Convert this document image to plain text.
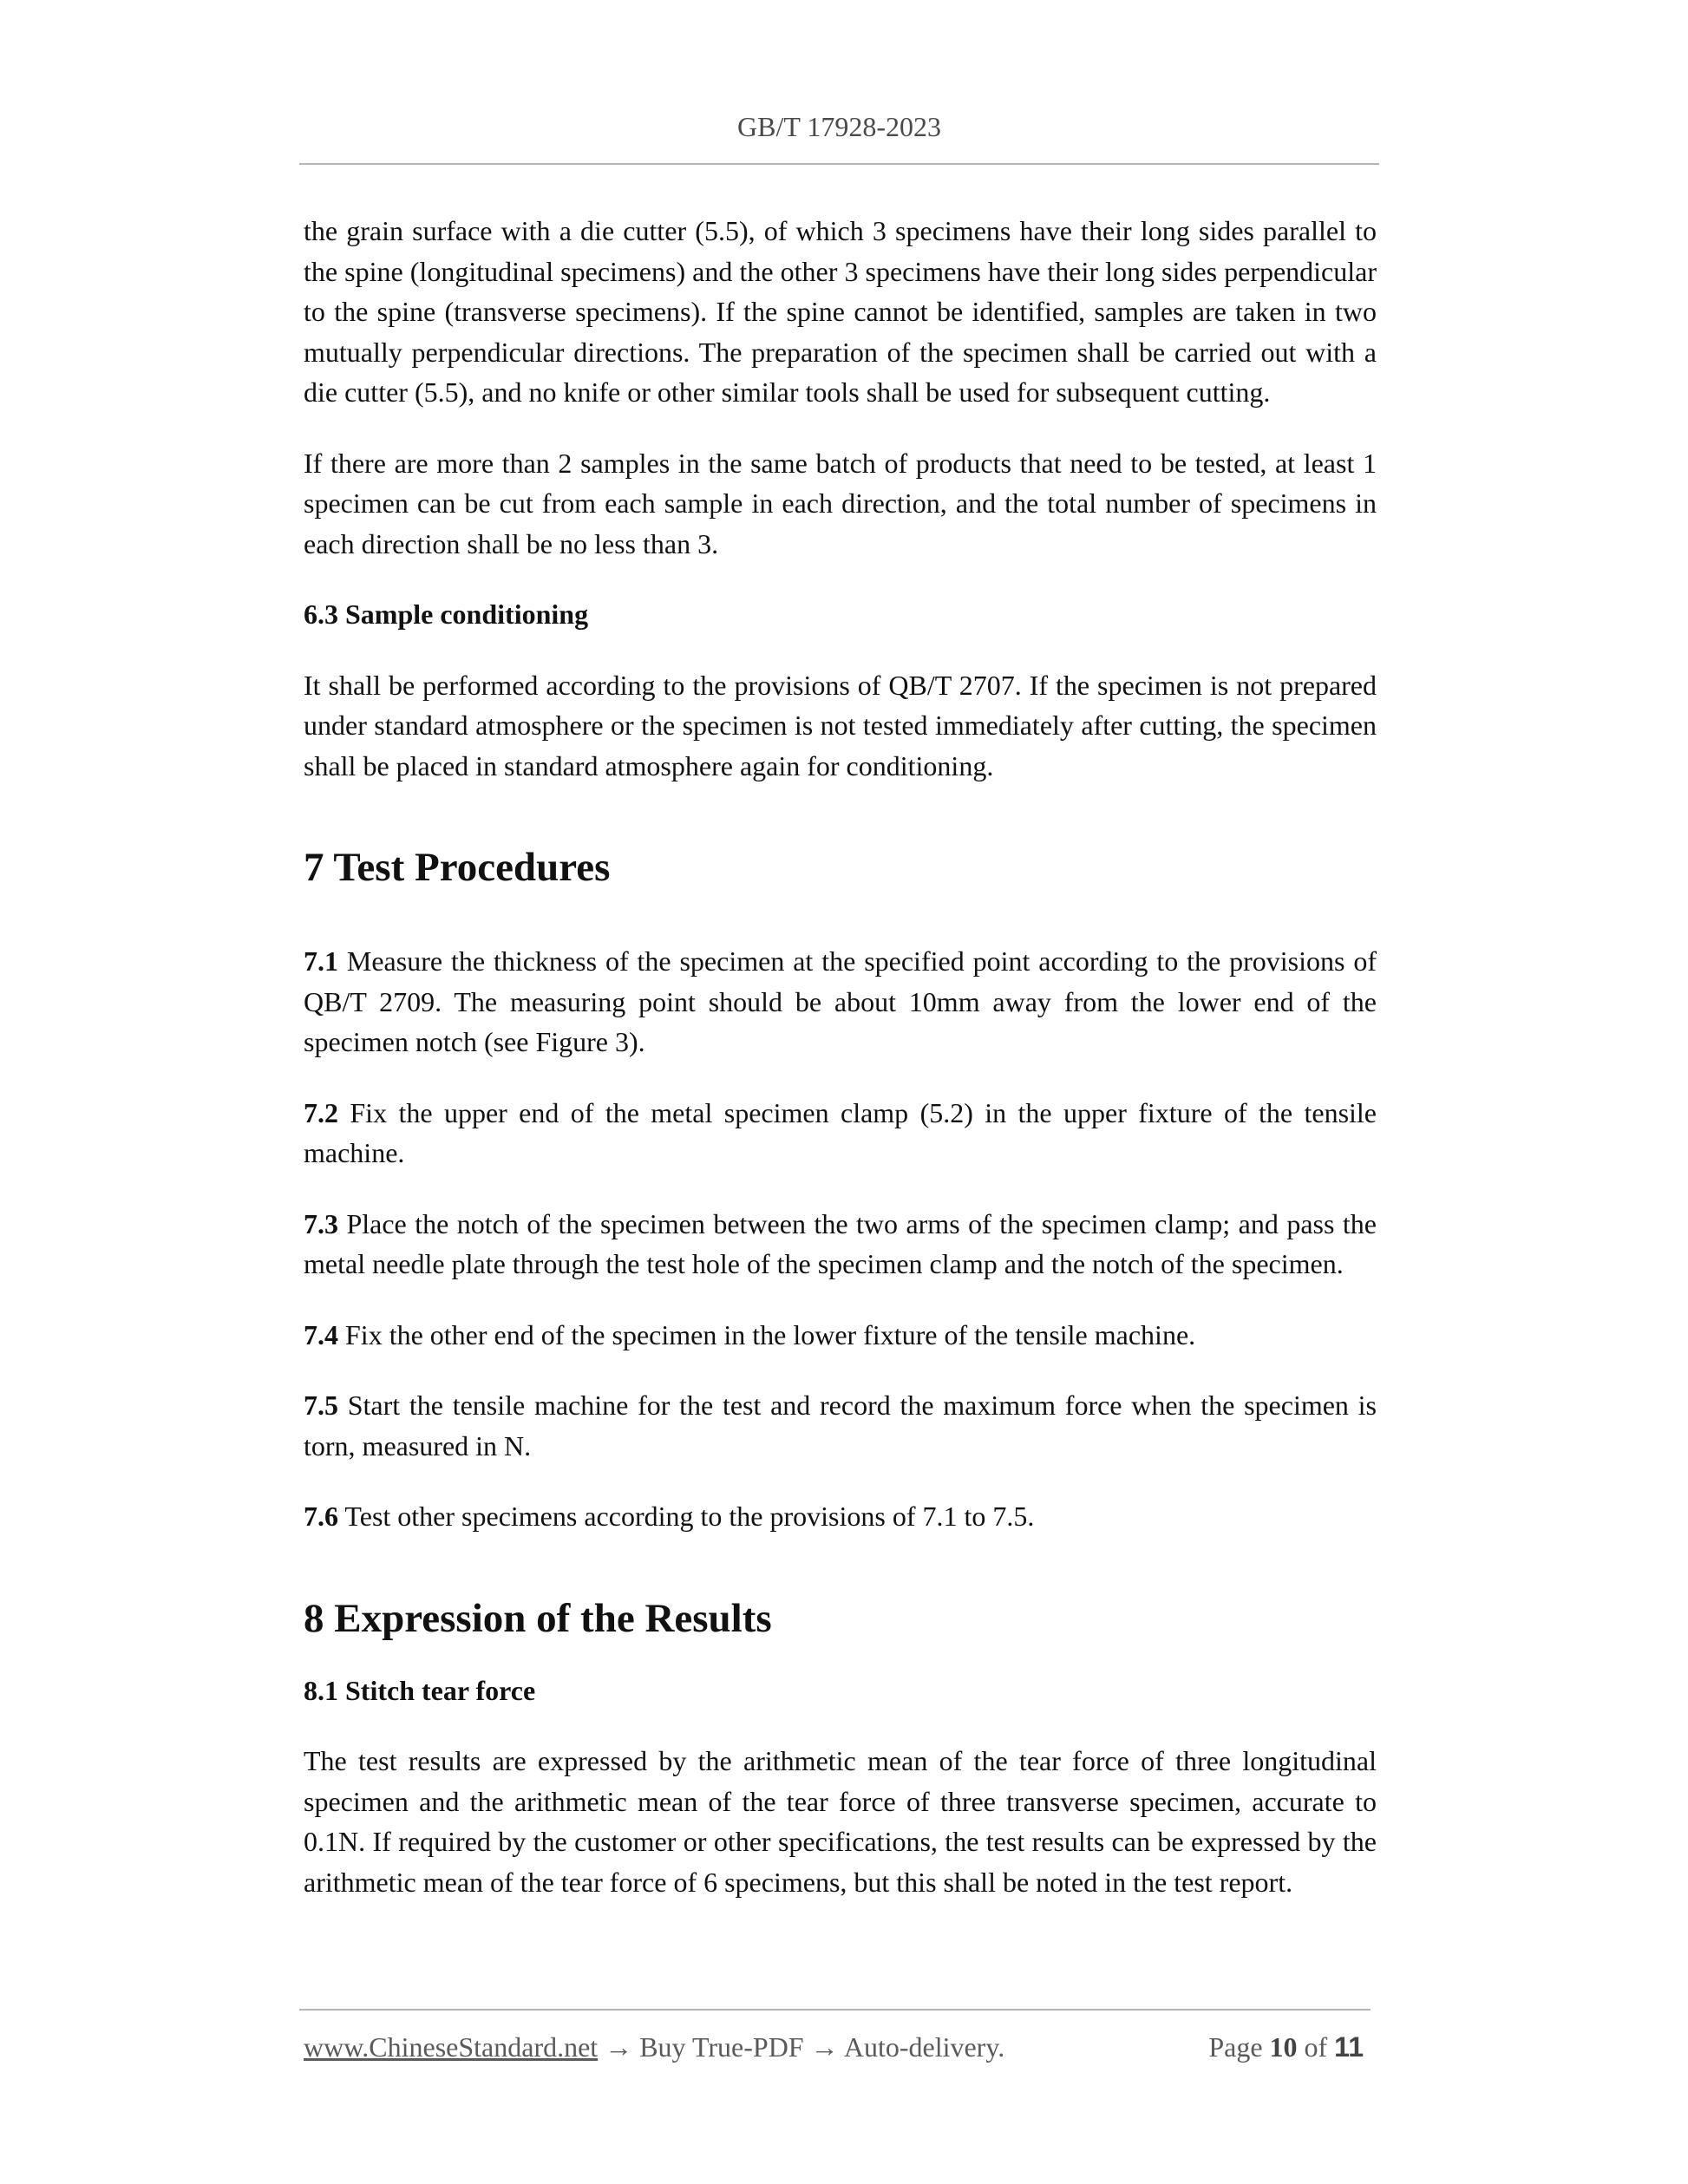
GB/T 17928-2023

the grain surface with a die cutter (5.5), of which 3 specimens have their long sides parallel to the spine (longitudinal specimens) and the other 3 specimens have their long sides perpendicular to the spine (transverse specimens). If the spine cannot be identified, samples are taken in two mutually perpendicular directions. The preparation of the specimen shall be carried out with a die cutter (5.5), and no knife or other similar tools shall be used for subsequent cutting.

If there are more than 2 samples in the same batch of products that need to be tested, at least 1 specimen can be cut from each sample in each direction, and the total number of specimens in each direction shall be no less than 3.

6.3 Sample conditioning

It shall be performed according to the provisions of QB/T 2707. If the specimen is not prepared under standard atmosphere or the specimen is not tested immediately after cutting, the specimen shall be placed in standard atmosphere again for conditioning.

7 Test Procedures

7.1 Measure the thickness of the specimen at the specified point according to the provisions of QB/T 2709. The measuring point should be about 10mm away from the lower end of the specimen notch (see Figure 3).

7.2 Fix the upper end of the metal specimen clamp (5.2) in the upper fixture of the tensile machine.

7.3 Place the notch of the specimen between the two arms of the specimen clamp; and pass the metal needle plate through the test hole of the specimen clamp and the notch of the specimen.

7.4 Fix the other end of the specimen in the lower fixture of the tensile machine.

7.5 Start the tensile machine for the test and record the maximum force when the specimen is torn, measured in N.

7.6 Test other specimens according to the provisions of 7.1 to 7.5.

8 Expression of the Results

8.1 Stitch tear force

The test results are expressed by the arithmetic mean of the tear force of three longitudinal specimen and the arithmetic mean of the tear force of three transverse specimen, accurate to 0.1N. If required by the customer or other specifications, the test results can be expressed by the arithmetic mean of the tear force of 6 specimens, but this shall be noted in the test report.

www.ChineseStandard.net → Buy True-PDF → Auto-delivery.	Page 10 of 11
